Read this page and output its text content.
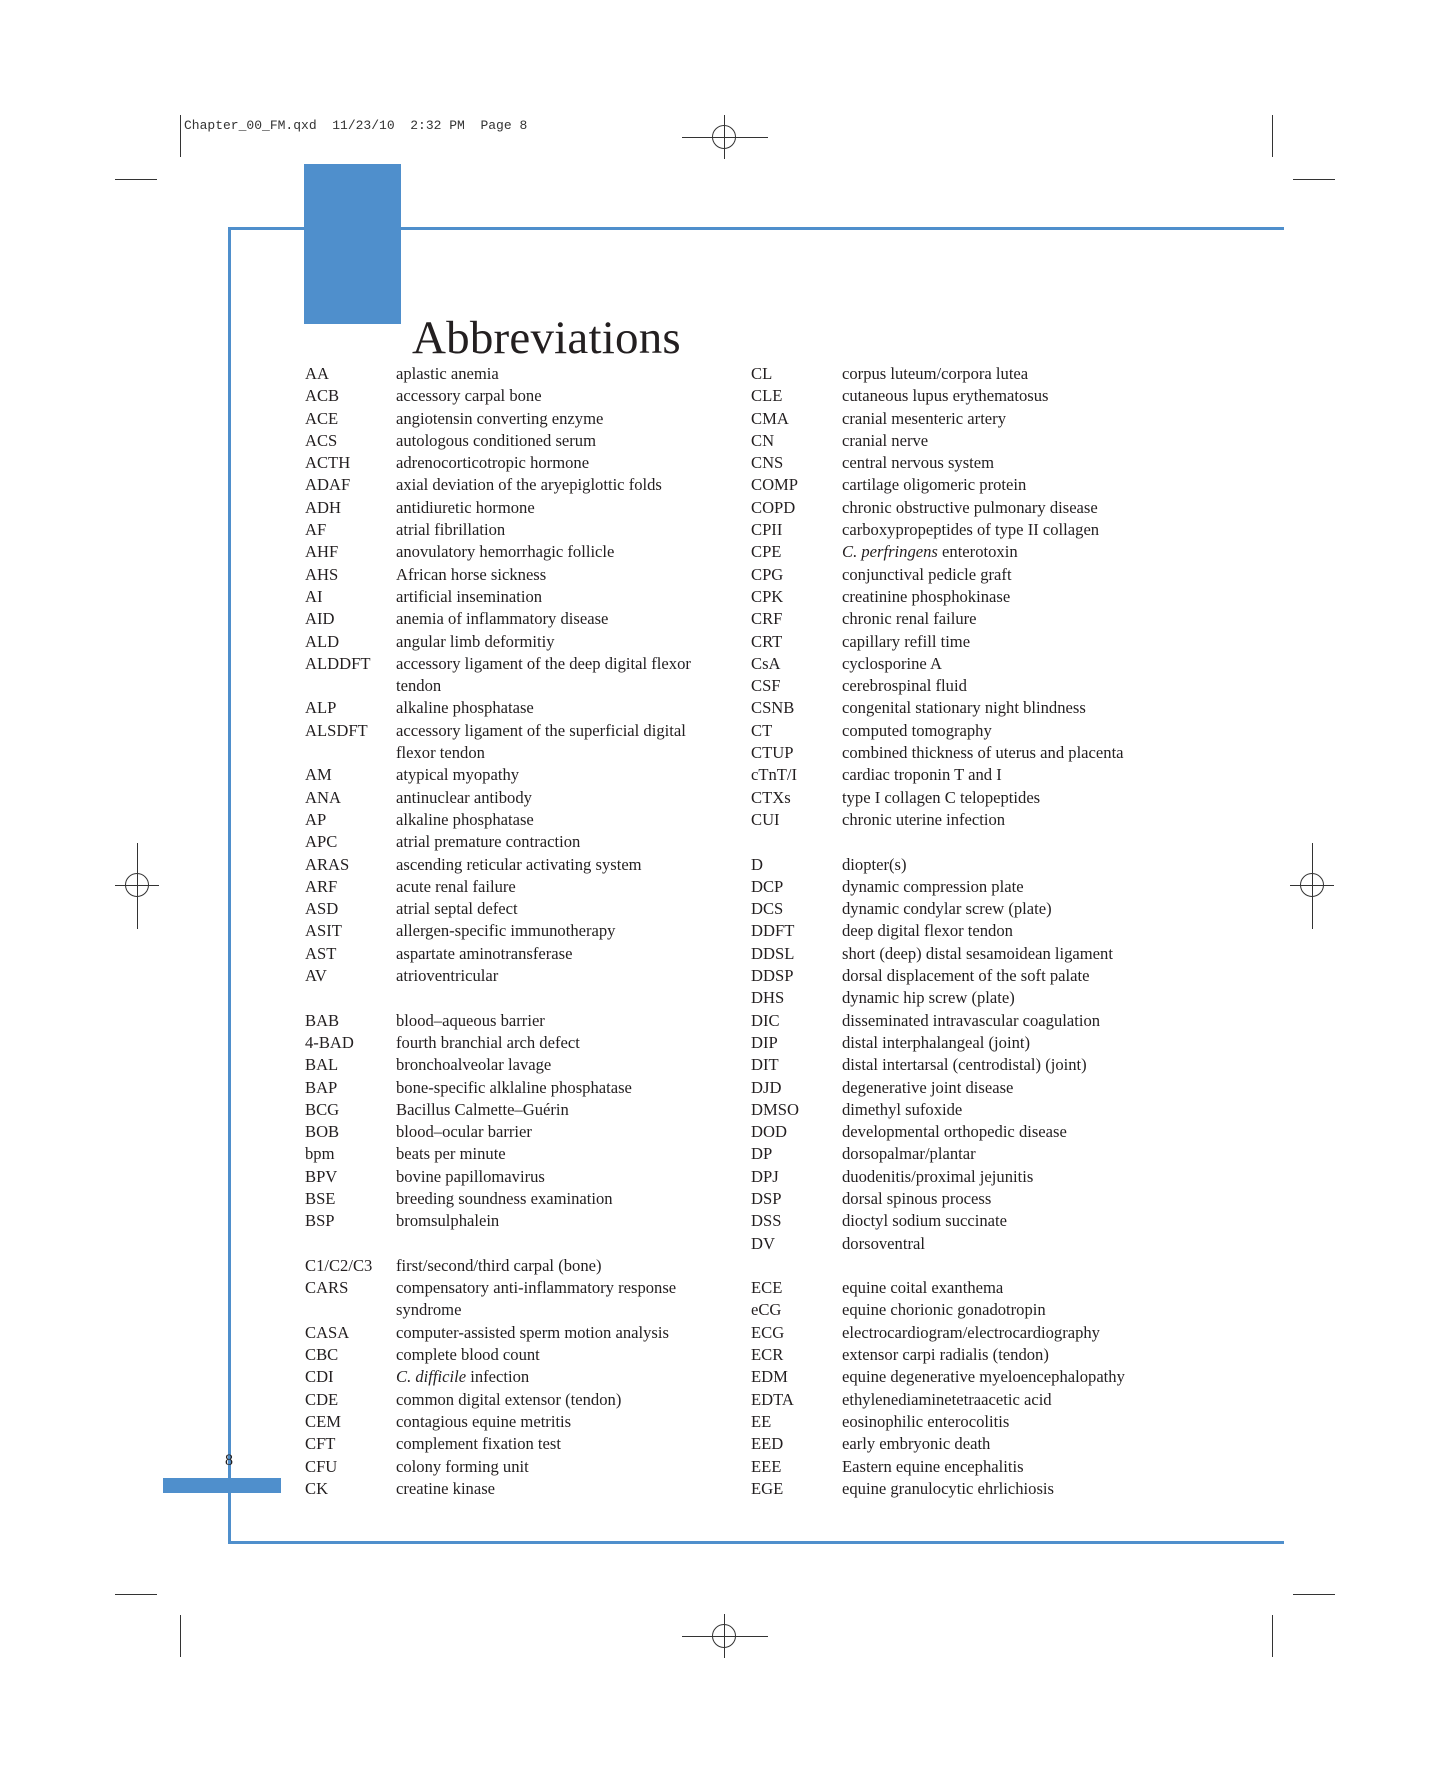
Chapter_00_FM.qxd  11/23/10  2:32 PM  Page 8
Abbreviations
AA	aplastic anemia
ACB	accessory carpal bone
ACE	angiotensin converting enzyme
ACS	autologous conditioned serum
ACTH	adrenocorticotropic hormone
ADAF	axial deviation of the aryepiglottic folds
ADH	antidiuretic hormone
AF	atrial fibrillation
AHF	anovulatory hemorrhagic follicle
AHS	African horse sickness
AI	artificial insemination
AID	anemia of inflammatory disease
ALD	angular limb deformitiy
ALDDFT	accessory ligament of the deep digital flexor tendon
ALP	alkaline phosphatase
ALSDFT	accessory ligament of the superficial digital flexor tendon
AM	atypical myopathy
ANA	antinuclear antibody
AP	alkaline phosphatase
APC	atrial premature contraction
ARAS	ascending reticular activating system
ARF	acute renal failure
ASD	atrial septal defect
ASIT	allergen-specific immunotherapy
AST	aspartate aminotransferase
AV	atrioventricular
BAB	blood–aqueous barrier
4-BAD	fourth branchial arch defect
BAL	bronchoalveolar lavage
BAP	bone-specific alklaline phosphatase
BCG	Bacillus Calmette–Guérin
BOB	blood–ocular barrier
bpm	beats per minute
BPV	bovine papillomavirus
BSE	breeding soundness examination
BSP	bromsulphalein
C1/C2/C3	first/second/third carpal (bone)
CARS	compensatory anti-inflammatory response syndrome
CASA	computer-assisted sperm motion analysis
CBC	complete blood count
CDI	C. difficile infection
CDE	common digital extensor (tendon)
CEM	contagious equine metritis
CFT	complement fixation test
CFU	colony forming unit
CK	creatine kinase
CL	corpus luteum/corpora lutea
CLE	cutaneous lupus erythematosus
CMA	cranial mesenteric artery
CN	cranial nerve
CNS	central nervous system
COMP	cartilage oligomeric protein
COPD	chronic obstructive pulmonary disease
CPII	carboxypropeptides of type II collagen
CPE	C. perfringens enterotoxin
CPG	conjunctival pedicle graft
CPK	creatinine phosphokinase
CRF	chronic renal failure
CRT	capillary refill time
CsA	cyclosporine A
CSF	cerebrospinal fluid
CSNB	congenital stationary night blindness
CT	computed tomography
CTUP	combined thickness of uterus and placenta
cTnT/I	cardiac troponin T and I
CTXs	type I collagen C telopeptides
CUI	chronic uterine infection
D	diopter(s)
DCP	dynamic compression plate
DCS	dynamic condylar screw (plate)
DDFT	deep digital flexor tendon
DDSL	short (deep) distal sesamoidean ligament
DDSP	dorsal displacement of the soft palate
DHS	dynamic hip screw (plate)
DIC	disseminated intravascular coagulation
DIP	distal interphalangeal (joint)
DIT	distal intertarsal (centrodistal) (joint)
DJD	degenerative joint disease
DMSO	dimethyl sufoxide
DOD	developmental orthopedic disease
DP	dorsopalmar/plantar
DPJ	duodenitis/proximal jejunitis
DSP	dorsal spinous process
DSS	dioctyl sodium succinate
DV	dorsoventral
ECE	equine coital exanthema
eCG	equine chorionic gonadotropin
ECG	electrocardiogram/electrocardiography
ECR	extensor carpi radialis (tendon)
EDM	equine degenerative myeloencephalopathy
EDTA	ethylenediaminetetraacetic acid
EE	eosinophilic enterocolitis
EED	early embryonic death
EEE	Eastern equine encephalitis
EGE	equine granulocytic ehrlichiosis
8
